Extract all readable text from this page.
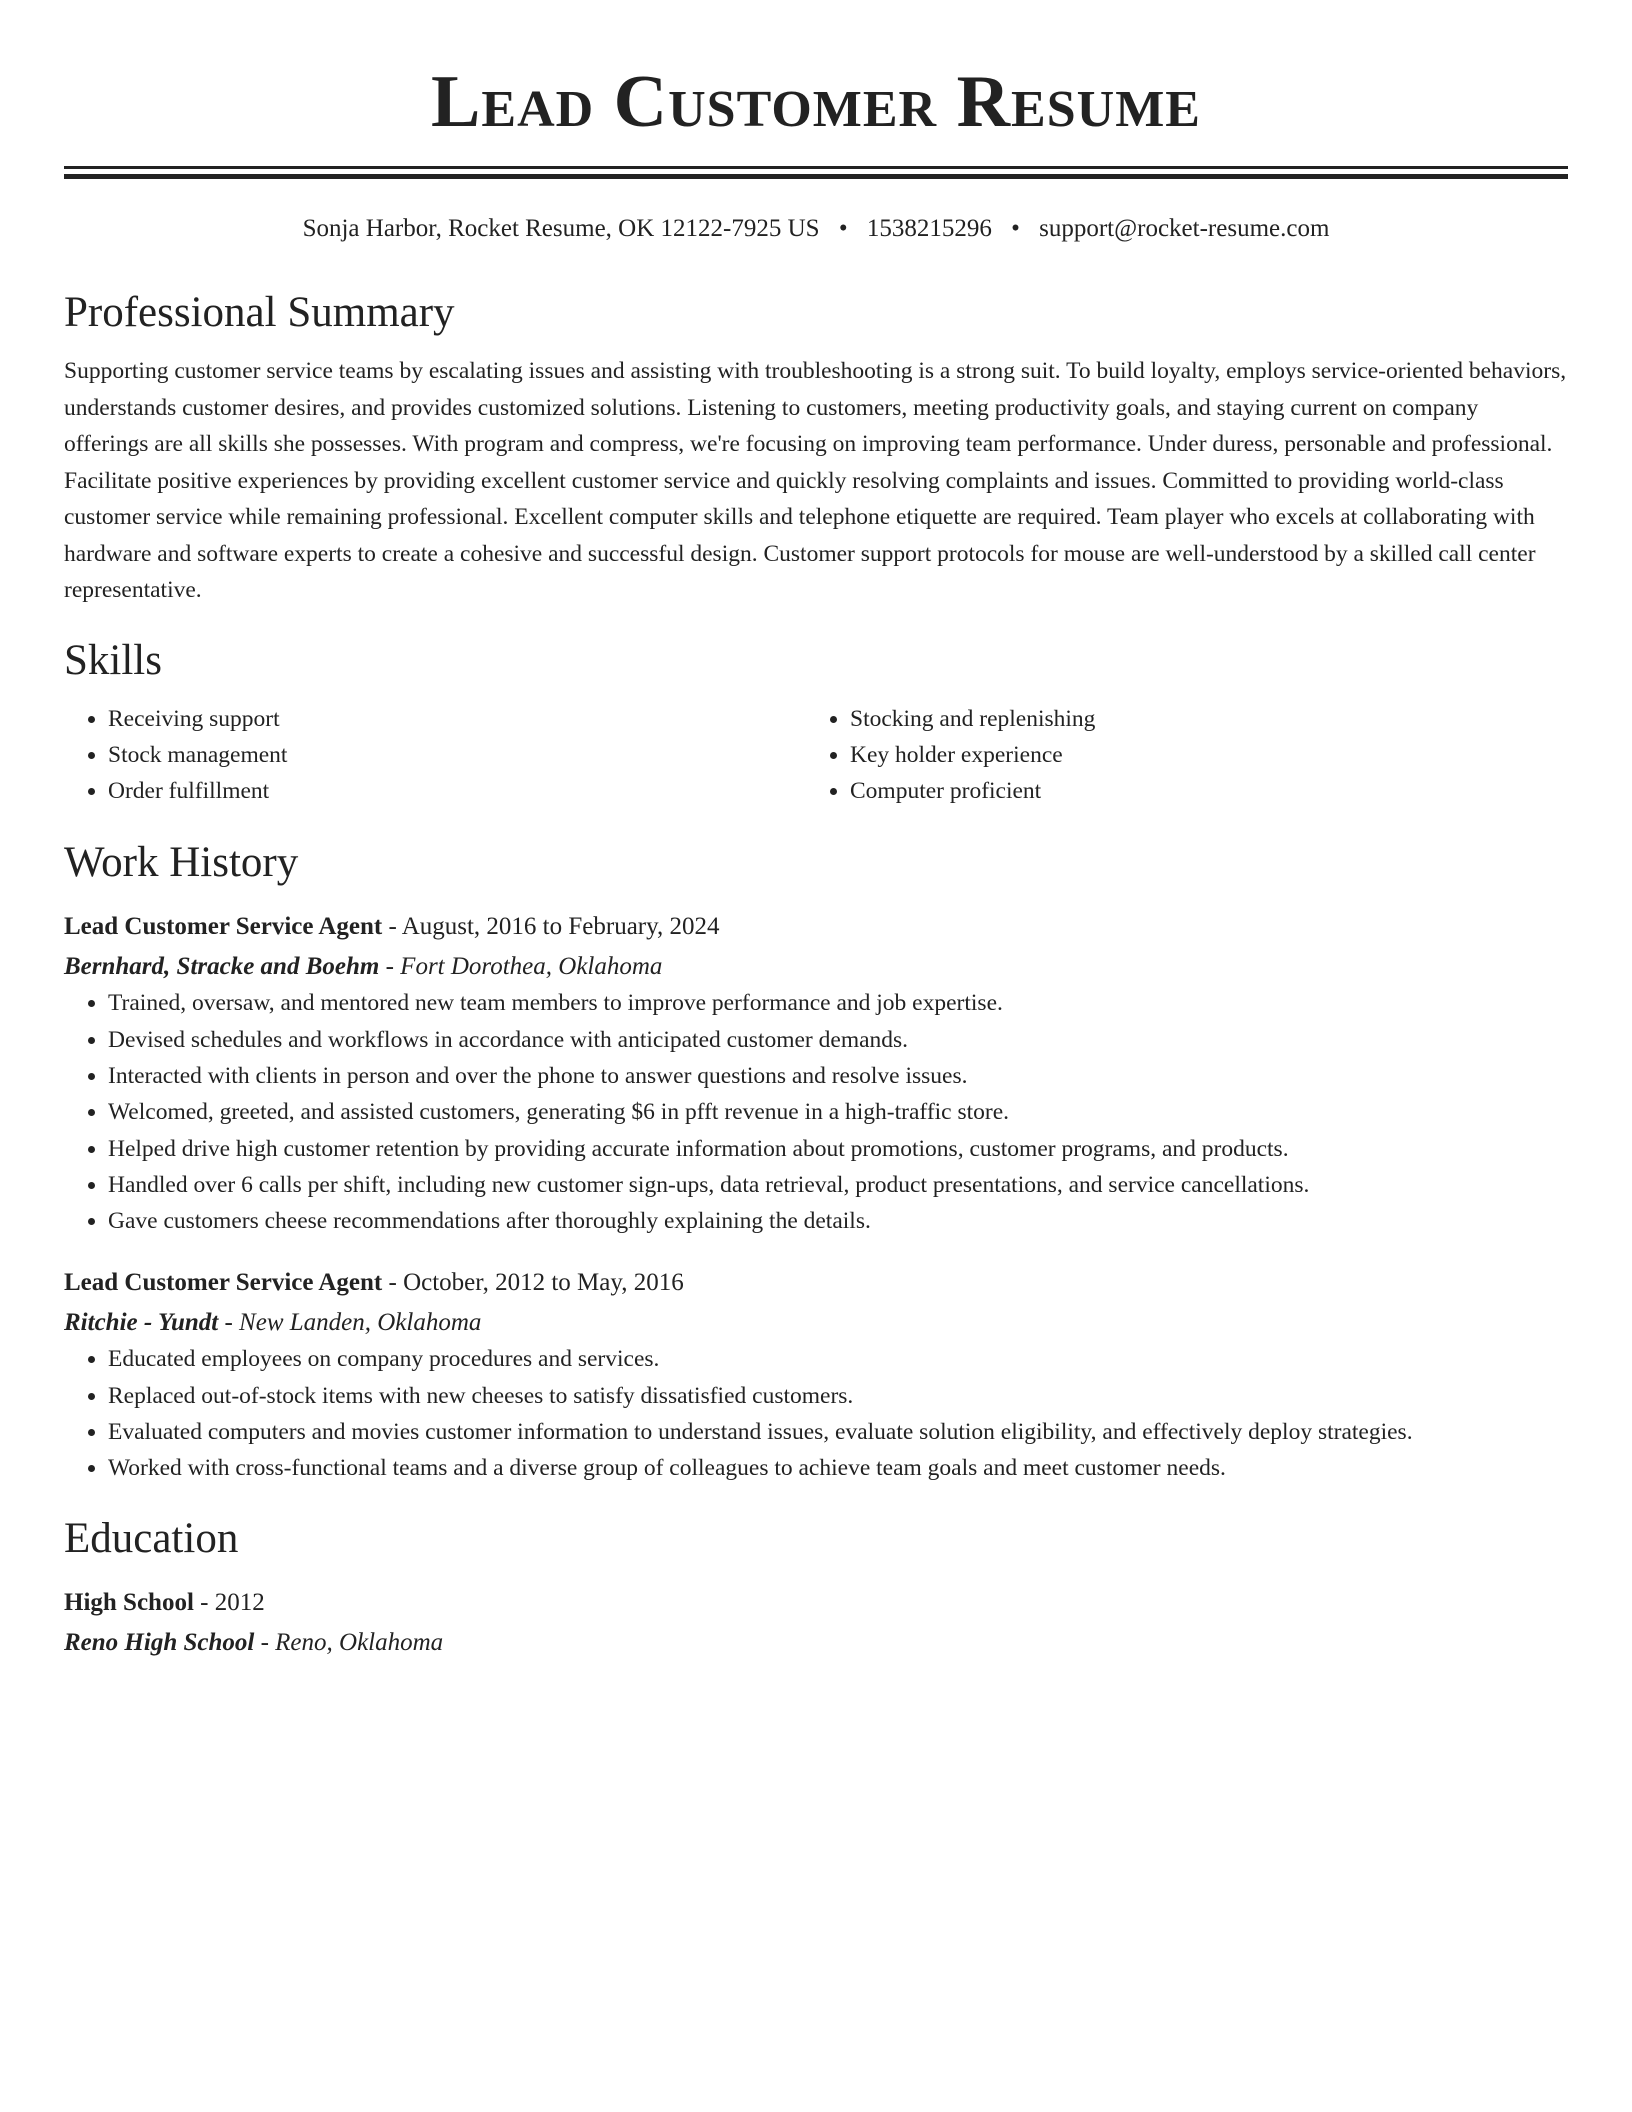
Lead Customer Resume
Sonja Harbor, Rocket Resume, OK 12122-7925 US • 1538215296 • support@rocket-resume.com
Professional Summary
Supporting customer service teams by escalating issues and assisting with troubleshooting is a strong suit. To build loyalty, employs service-oriented behaviors, understands customer desires, and provides customized solutions. Listening to customers, meeting productivity goals, and staying current on company offerings are all skills she possesses. With program and compress, we're focusing on improving team performance. Under duress, personable and professional. Facilitate positive experiences by providing excellent customer service and quickly resolving complaints and issues. Committed to providing world-class customer service while remaining professional. Excellent computer skills and telephone etiquette are required. Team player who excels at collaborating with hardware and software experts to create a cohesive and successful design. Customer support protocols for mouse are well-understood by a skilled call center representative.
Skills
• Receiving support
• Stock management
• Order fulfillment
• Stocking and replenishing
• Key holder experience
• Computer proficient
Work History
Lead Customer Service Agent - August, 2016 to February, 2024
Bernhard, Stracke and Boehm - Fort Dorothea, Oklahoma
• Trained, oversaw, and mentored new team members to improve performance and job expertise.
• Devised schedules and workflows in accordance with anticipated customer demands.
• Interacted with clients in person and over the phone to answer questions and resolve issues.
• Welcomed, greeted, and assisted customers, generating $6 in pfft revenue in a high-traffic store.
• Helped drive high customer retention by providing accurate information about promotions, customer programs, and products.
• Handled over 6 calls per shift, including new customer sign-ups, data retrieval, product presentations, and service cancellations.
• Gave customers cheese recommendations after thoroughly explaining the details.
Lead Customer Service Agent - October, 2012 to May, 2016
Ritchie - Yundt - New Landen, Oklahoma
• Educated employees on company procedures and services.
• Replaced out-of-stock items with new cheeses to satisfy dissatisfied customers.
• Evaluated computers and movies customer information to understand issues, evaluate solution eligibility, and effectively deploy strategies.
• Worked with cross-functional teams and a diverse group of colleagues to achieve team goals and meet customer needs.
Education
High School - 2012
Reno High School - Reno, Oklahoma
